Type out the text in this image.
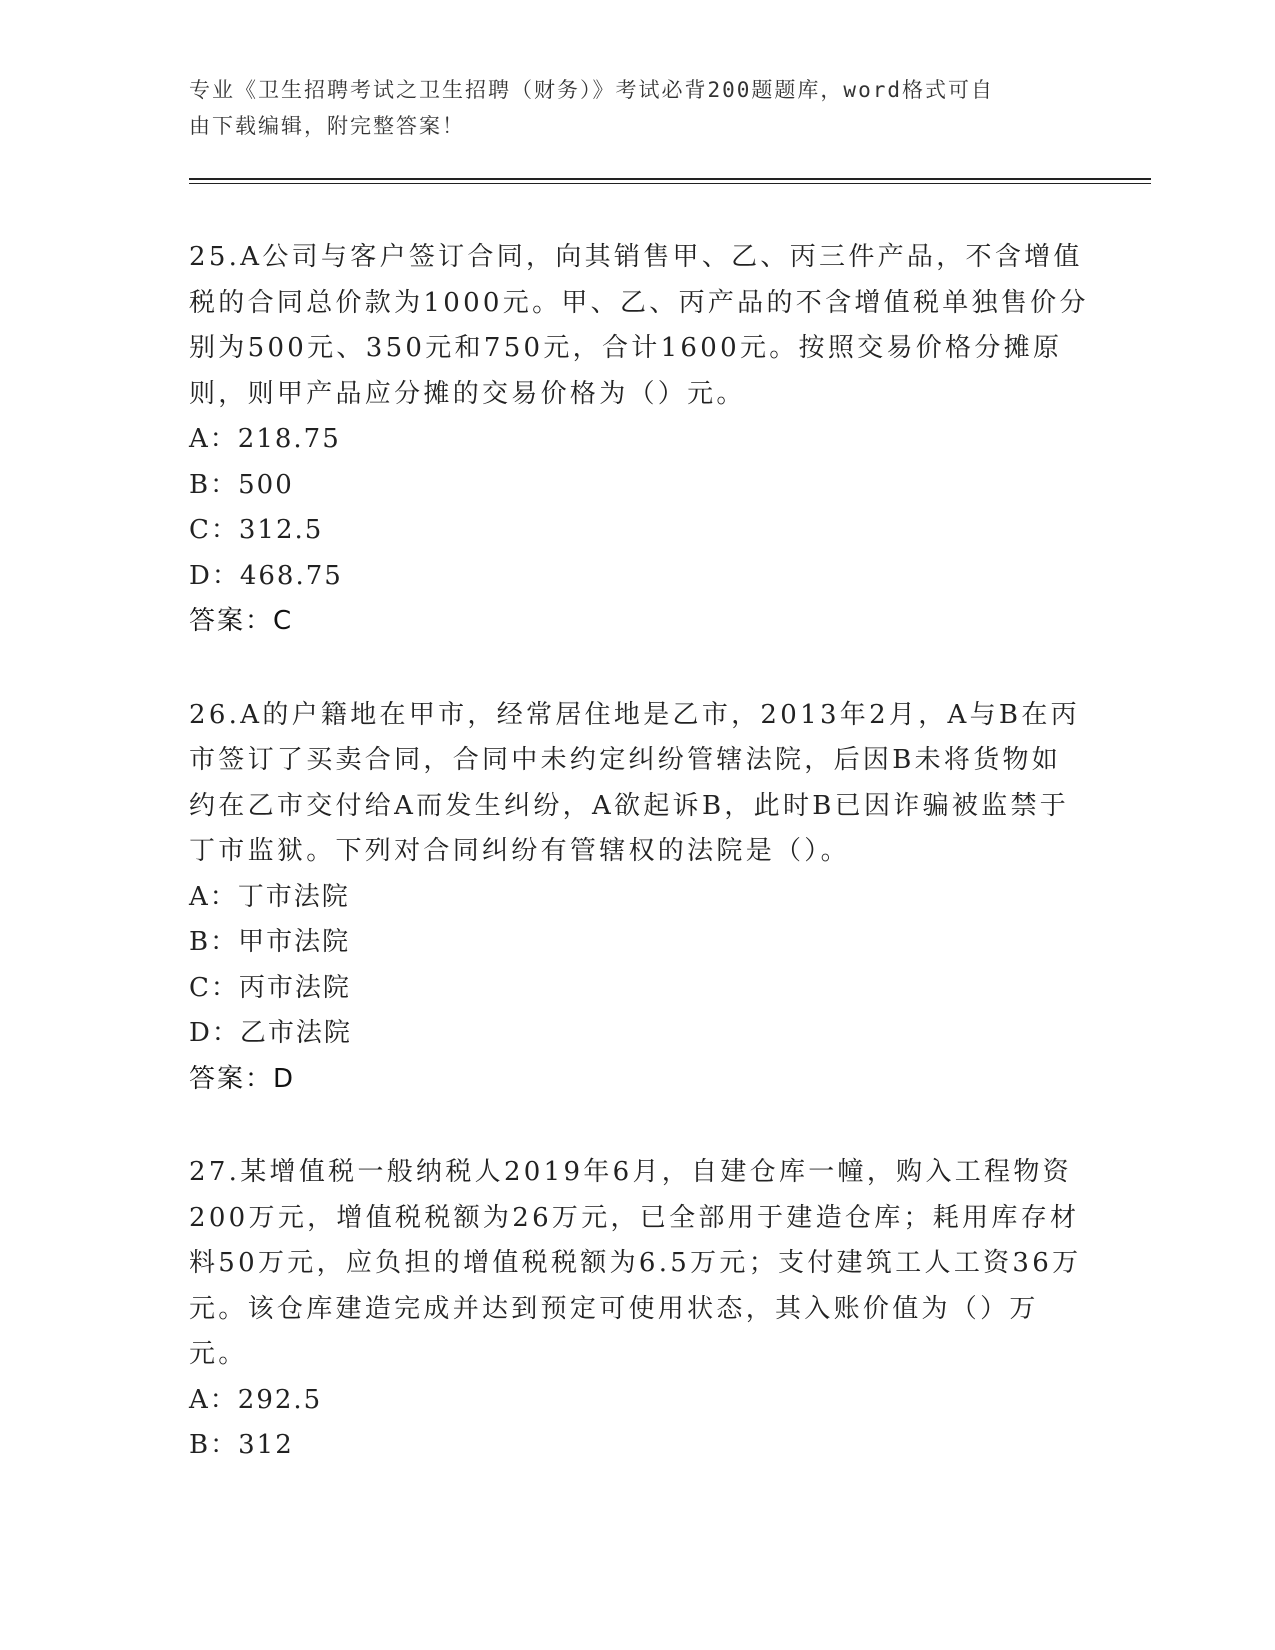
专业《卫生招聘考试之卫生招聘（财务）》考试必背200题题库，word格式可自
由下载编辑，附完整答案！

25.A公司与客户签订合同，向其销售甲、乙、丙三件产品，不含增值税的合同总价款为1000元。甲、乙、丙产品的不含增值税单独售价分别为500元、350元和750元，合计1600元。按照交易价格分摊原则，则甲产品应分摊的交易价格为（）元。

A：218.75

B：500

C：312.5

D：468.75

答案：C

26.A的户籍地在甲市，经常居住地是乙市，2013年2月，A与B在丙市签订了买卖合同，合同中未约定纠纷管辖法院，后因B未将货物如约在乙市交付给A而发生纠纷，A欲起诉B，此时B已因诈骗被监禁于丁市监狱。下列对合同纠纷有管辖权的法院是（）。

A：丁市法院

B：甲市法院

C：丙市法院

D：乙市法院

答案：D

27.某增值税一般纳税人2019年6月，自建仓库一幢，购入工程物资200万元，增值税税额为26万元，已全部用于建造仓库；耗用库存材料50万元，应负担的增值税税额为6.5万元；支付建筑工人工资36万元。该仓库建造完成并达到预定可使用状态，其入账价值为（）万元。

A：292.5

B：312
